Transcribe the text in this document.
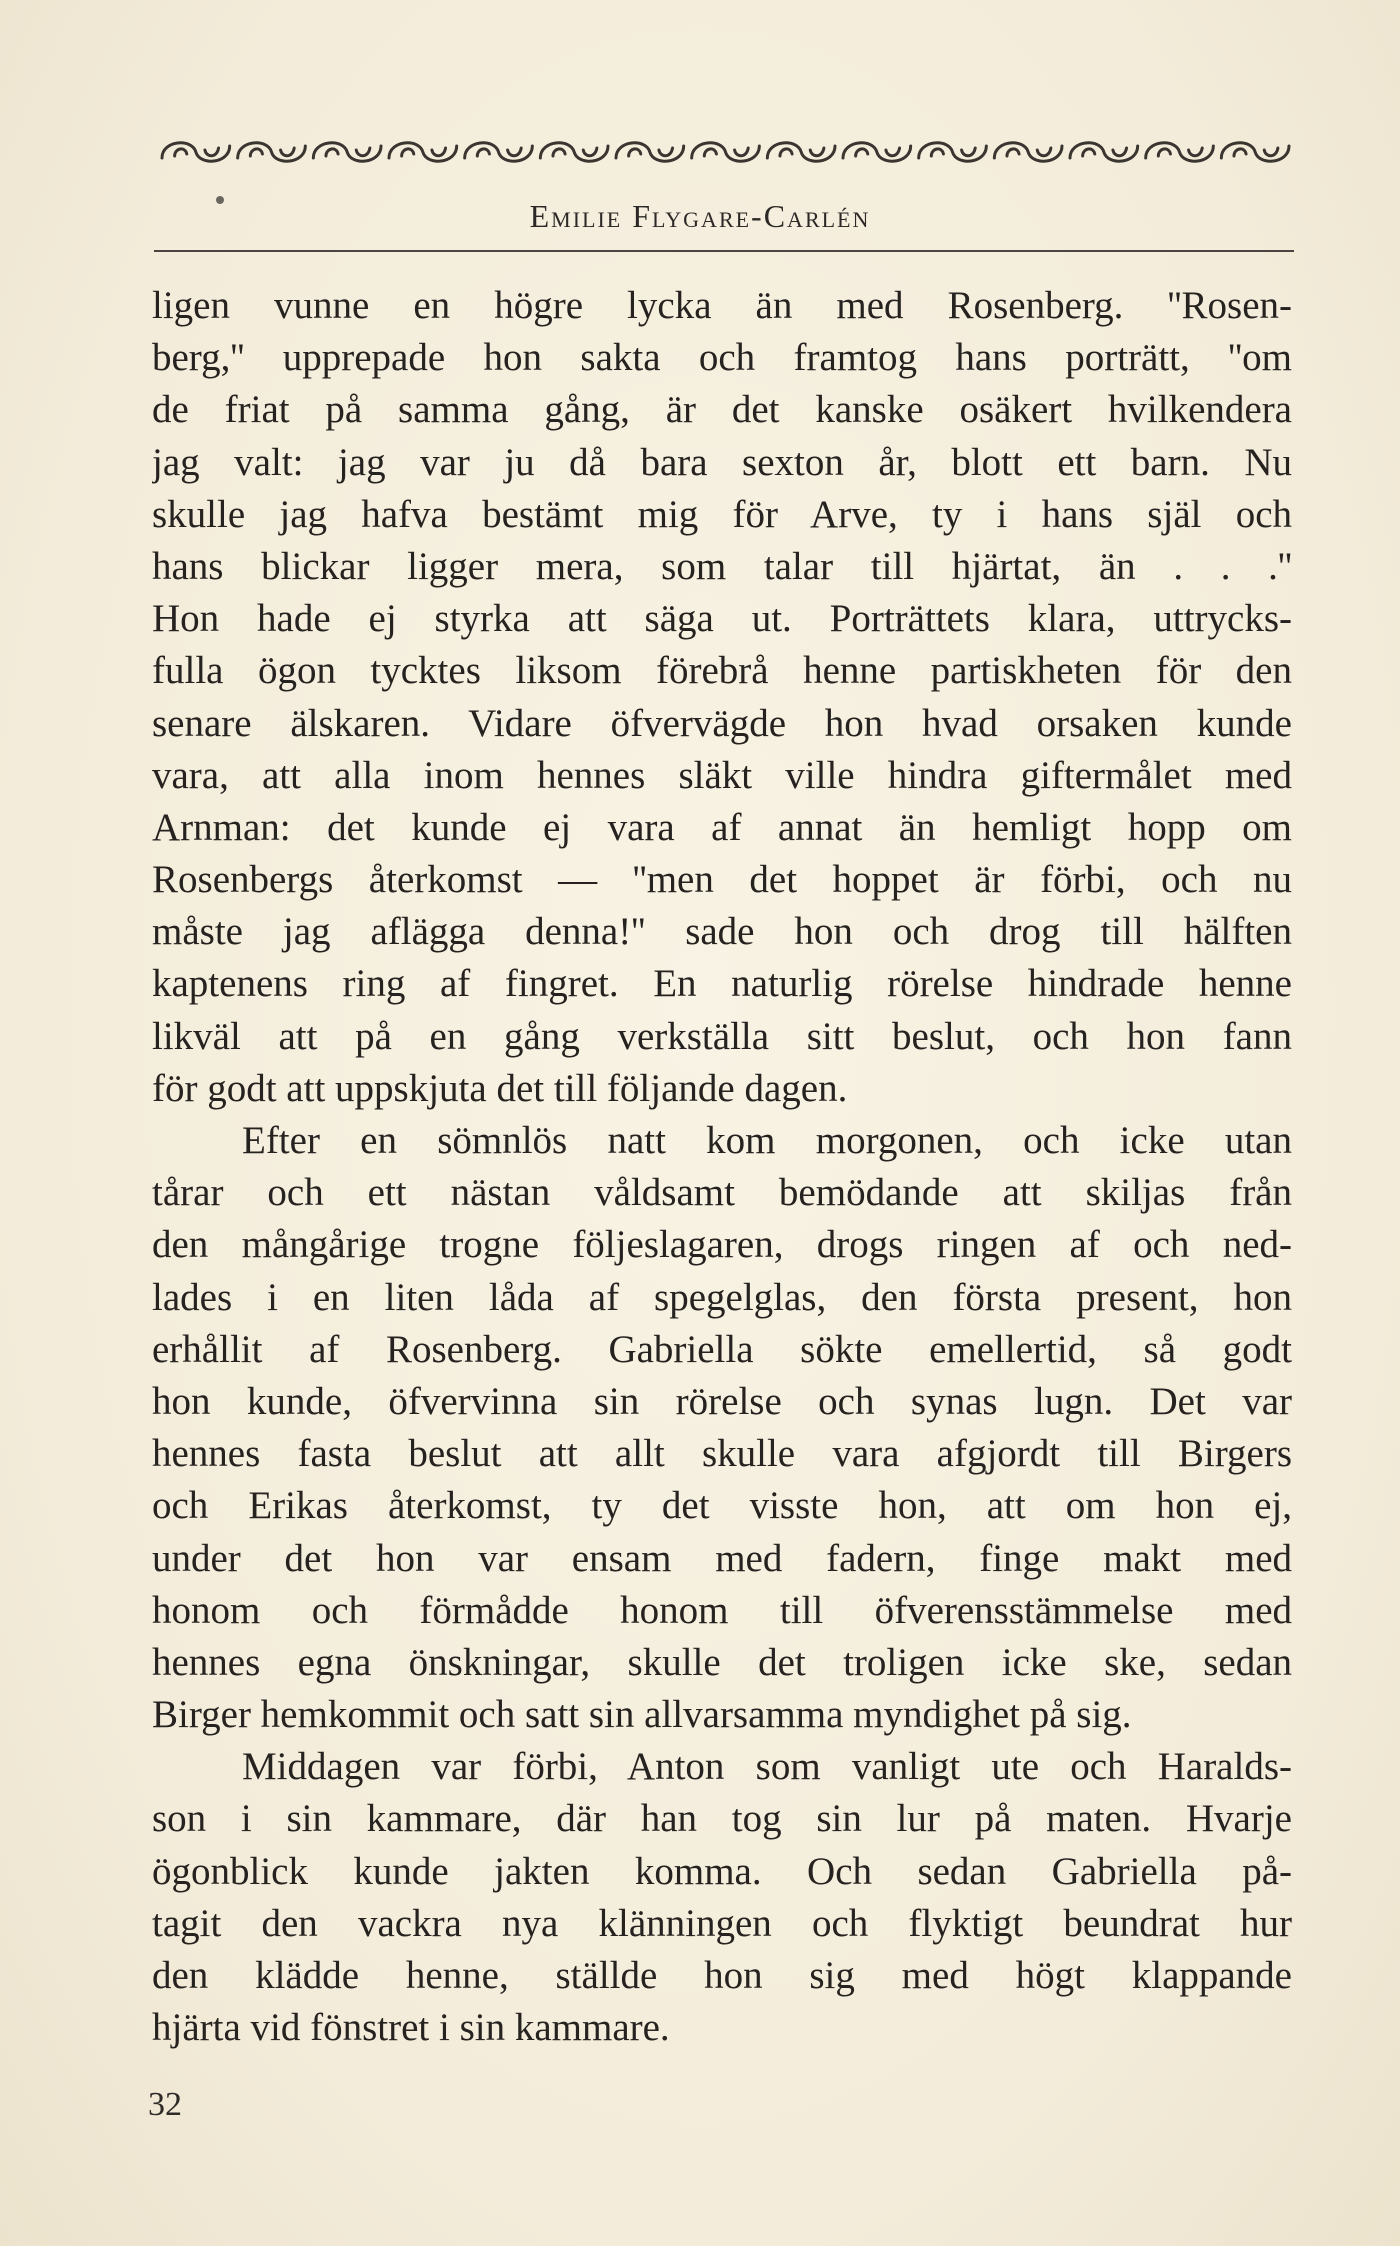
Emilie Flygare-Carlén
ligen vunne en högre lycka än med Rosenberg. ''Rosen-
berg,'' upprepade hon sakta och framtog hans porträtt, ''om
de friat på samma gång, är det kanske osäkert hvilkendera
jag valt: jag var ju då bara sexton år, blott ett barn. Nu
skulle jag hafva bestämt mig för Arve, ty i hans själ och
hans blickar ligger mera, som talar till hjärtat, än . . .''
Hon hade ej styrka att säga ut. Porträttets klara, uttrycks-
fulla ögon tycktes liksom förebrå henne partiskheten för den
senare älskaren. Vidare öfvervägde hon hvad orsaken kunde
vara, att alla inom hennes släkt ville hindra giftermålet med
Arnman: det kunde ej vara af annat än hemligt hopp om
Rosenbergs återkomst — ''men det hoppet är förbi, och nu
måste jag aflägga denna!'' sade hon och drog till hälften
kaptenens ring af fingret. En naturlig rörelse hindrade henne
likväl att på en gång verkställa sitt beslut, och hon fann
för godt att uppskjuta det till följande dagen.
Efter en sömnlös natt kom morgonen, och icke utan
tårar och ett nästan våldsamt bemödande att skiljas från
den mångårige trogne följeslagaren, drogs ringen af och ned-
lades i en liten låda af spegelglas, den första present, hon
erhållit af Rosenberg. Gabriella sökte emellertid, så godt
hon kunde, öfvervinna sin rörelse och synas lugn. Det var
hennes fasta beslut att allt skulle vara afgjordt till Birgers
och Erikas återkomst, ty det visste hon, att om hon ej,
under det hon var ensam med fadern, finge makt med
honom och förmådde honom till öfverensstämmelse med
hennes egna önskningar, skulle det troligen icke ske, sedan
Birger hemkommit och satt sin allvarsamma myndighet på sig.
Middagen var förbi, Anton som vanligt ute och Haralds-
son i sin kammare, där han tog sin lur på maten. Hvarje
ögonblick kunde jakten komma. Och sedan Gabriella på-
tagit den vackra nya klänningen och flyktigt beundrat hur
den klädde henne, ställde hon sig med högt klappande
hjärta vid fönstret i sin kammare.
32
